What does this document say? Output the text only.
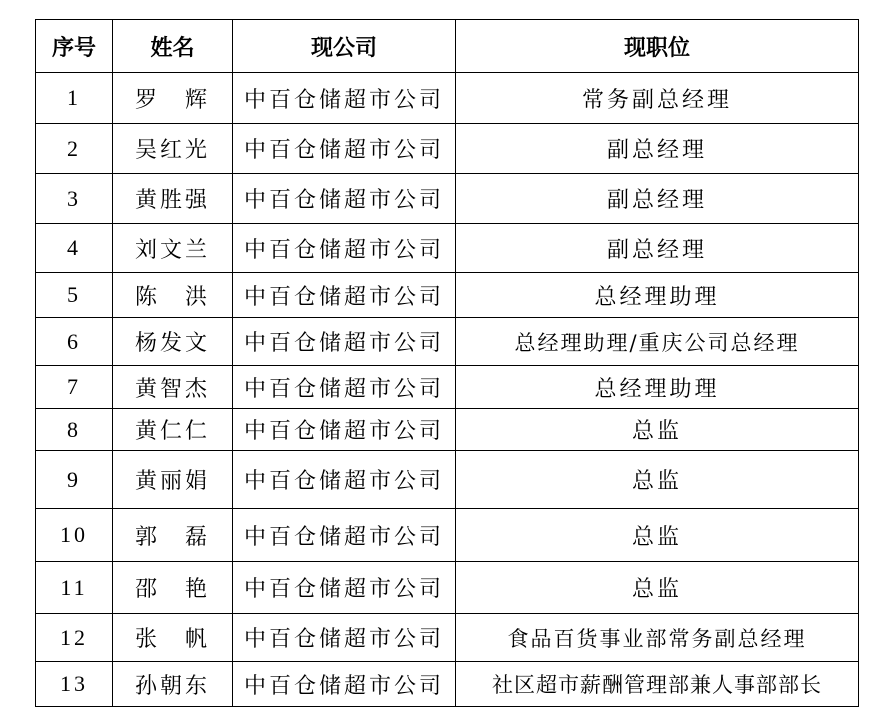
序号	姓名	现公司	现职位
1	罗　辉	中百仓储超市公司	常务副总经理
2	吴红光	中百仓储超市公司	副总经理
3	黄胜强	中百仓储超市公司	副总经理
4	刘文兰	中百仓储超市公司	副总经理
5	陈　洪	中百仓储超市公司	总经理助理
6	杨发文	中百仓储超市公司	总经理助理/重庆公司总经理
7	黄智杰	中百仓储超市公司	总经理助理
8	黄仁仁	中百仓储超市公司	总监
9	黄丽娟	中百仓储超市公司	总监
10	郭　磊	中百仓储超市公司	总监
11	邵　艳	中百仓储超市公司	总监
12	张　帆	中百仓储超市公司	食品百货事业部常务副总经理
13	孙朝东	中百仓储超市公司	社区超市薪酬管理部兼人事部部长
